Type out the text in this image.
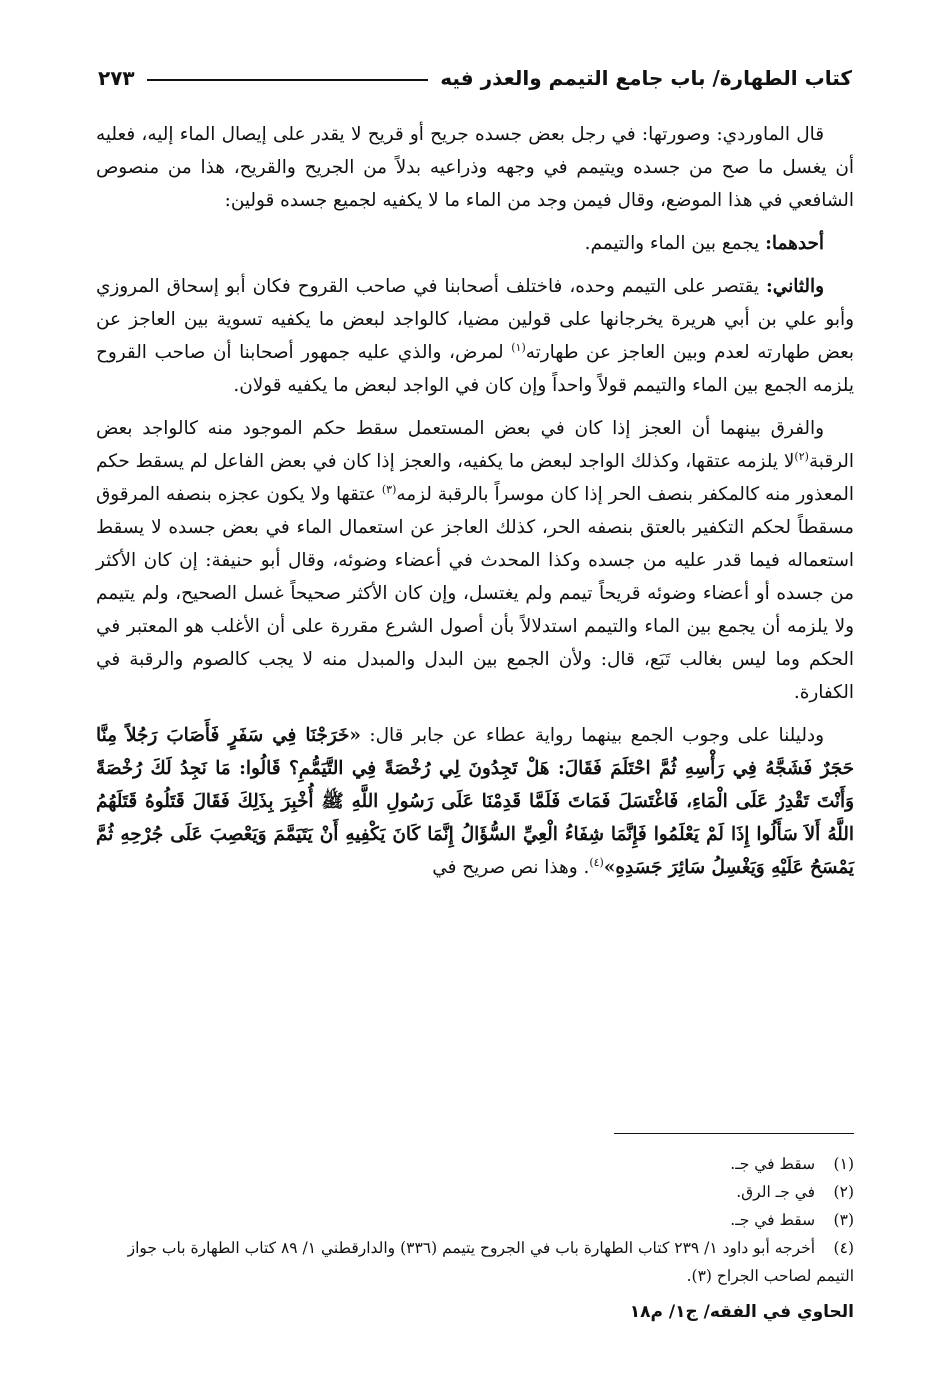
كتاب الطهارة/ باب جامع التيمم والعذر فيه
٢٧٣

قال الماوردي: وصورتها: في رجل بعض جسده جريح أو قريح لا يقدر على إيصال الماء إليه، فعليه أن يغسل ما صح من جسده ويتيمم في وجهه وذراعيه بدلاً من الجريح والقريح، هذا من منصوص الشافعي في هذا الموضع، وقال فيمن وجد من الماء ما لا يكفيه لجميع جسده قولين:

أحدهما: يجمع بين الماء والتيمم.

والثاني: يقتصر على التيمم وحده، فاختلف أصحابنا في صاحب القروح فكان أبو إسحاق المروزي وأبو علي بن أبي هريرة يخرجانها على قولين مضيا، كالواجد لبعض ما يكفيه تسوية بين العاجز عن بعض طهارته لعدم وبين العاجز عن طهارته$^{(١)}$ لمرض، والذي عليه جمهور أصحابنا أن صاحب القروح يلزمه الجمع بين الماء والتيمم قولاً واحداً وإن كان في الواجد لبعض ما يكفيه قولان.

والفرق بينهما أن العجز إذا كان في بعض المستعمل سقط حكم الموجود منه كالواجد بعض الرقبة$^{(٢)}$لا يلزمه عتقها، وكذلك الواجد لبعض ما يكفيه، والعجز إذا كان في بعض الفاعل لم يسقط حكم المعذور منه كالمكفر بنصف الحر إذا كان موسراً بالرقبة لزمه$^{(٣)}$ عتقها ولا يكون عجزه بنصفه المرقوق مسقطاً لحكم التكفير بالعتق بنصفه الحر، كذلك العاجز عن استعمال الماء في بعض جسده لا يسقط استعماله فيما قدر عليه من جسده وكذا المحدث في أعضاء وضوئه، وقال أبو حنيفة: إن كان الأكثر من جسده أو أعضاء وضوئه قريحاً تيمم ولم يغتسل، وإن كان الأكثر صحيحاً غسل الصحيح، ولم يتيمم ولا يلزمه أن يجمع بين الماء والتيمم استدلالاً بأن أصول الشرع مقررة على أن الأغلب هو المعتبر في الحكم وما ليس بغالب تَبَع، قال: ولأن الجمع بين البدل والمبدل منه لا يجب كالصوم والرقبة في الكفارة.

ودليلنا على وجوب الجمع بينهما رواية عطاء عن جابر قال: «خَرَجْنَا فِي سَفَرٍ فَأَصَابَ رَجُلاً مِنَّا حَجَرٌ فَشَجَّهُ فِي رَأْسِهِ ثُمَّ احْتَلَمَ فَقَالَ: هَلْ تَجِدُونَ لِي رُخْصَةً فِي التَّيَمُّمِ؟ قَالُوا: مَا نَجِدُ لَكَ رُخْصَةً وَأَنْتَ تَقْدِرُ عَلَى الْمَاءِ، فَاغْتَسَلَ فَمَاتَ فَلَمَّا قَدِمْنَا عَلَى رَسُولِ اللَّهِ ﷺ أُخْبِرَ بِذَلِكَ فَقَالَ قَتَلُوهُ قَتَلَهُمُ اللَّهُ أَلاَ سَأَلُوا إِذَا لَمْ يَعْلَمُوا فَإِنَّمَا شِفَاءُ الْعِيِّ السُّؤَالُ إِنَّمَا كَانَ يَكْفِيهِ أَنْ يَتَيَمَّمَ وَيَعْصِبَ عَلَى جُرْحِهِ ثُمَّ يَمْسَحُ عَلَيْهِ وَيَغْسِلُ سَائِرَ جَسَدِهِ»$^{(٤)}$. وهذا نص صريح في

(١) سقط في جـ.

(٢) في جـ الرق.

(٣) سقط في جـ.

(٤) أخرجه أبو داود ١/ ٢٣٩ كتاب الطهارة باب في الجروح يتيمم (٣٣٦) والدارقطني ١/ ٨٩ كتاب الطهارة باب جواز التيمم لصاحب الجراح (٣).

الحاوي في الفقه/ ج١/ م١٨
